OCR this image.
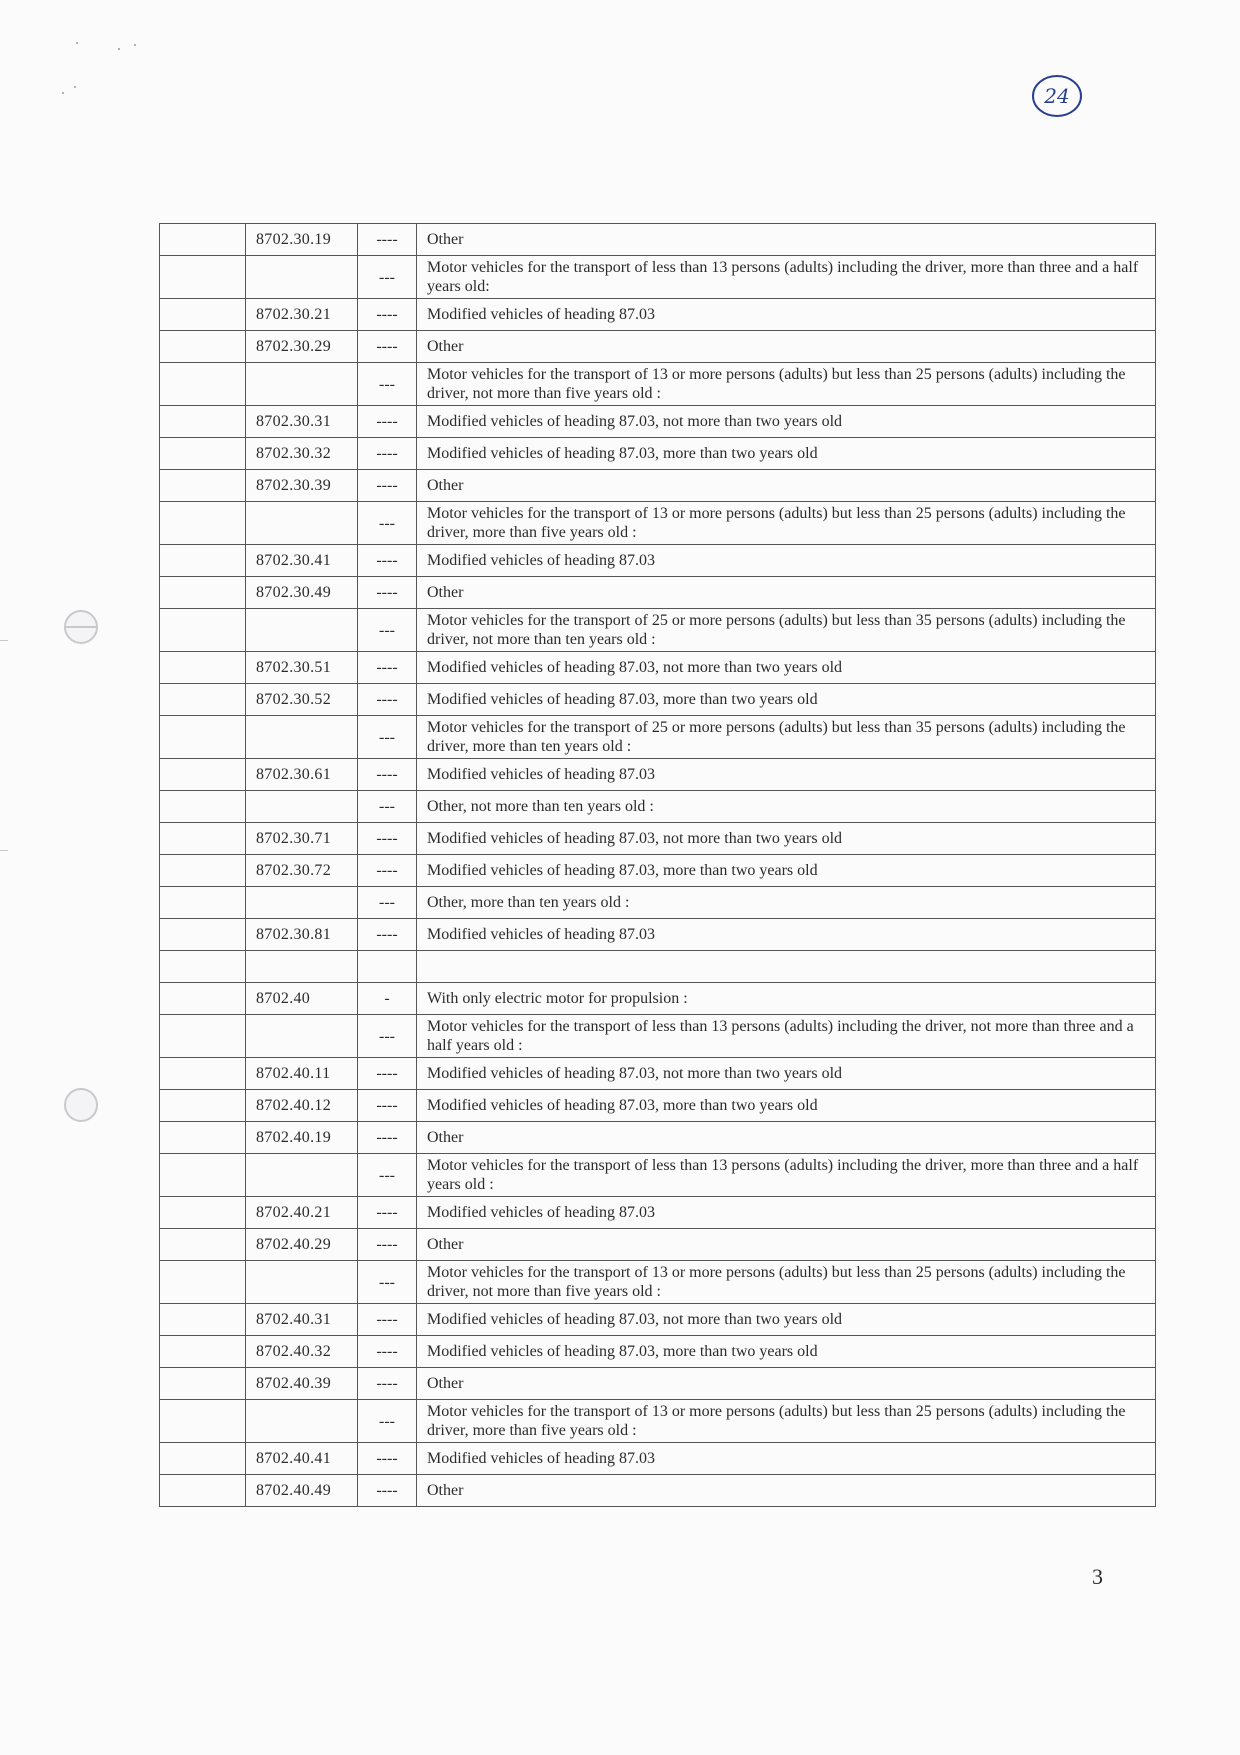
24
	8702.30.19	----	Other
		---	Motor vehicles for the transport of less than 13 persons (adults) including the driver, more than three and a half years old:
	8702.30.21	----	Modified vehicles of heading 87.03
	8702.30.29	----	Other
		---	Motor vehicles for the transport of 13 or more persons (adults) but less than 25 persons (adults) including the driver, not more than five years old :
	8702.30.31	----	Modified vehicles of heading 87.03, not more than two years old
	8702.30.32	----	Modified vehicles of heading 87.03, more than two years old
	8702.30.39	----	Other
		---	Motor vehicles for the transport of 13 or more persons (adults) but less than 25 persons (adults) including the driver, more than five years old :
	8702.30.41	----	Modified vehicles of heading 87.03
	8702.30.49	----	Other
		---	Motor vehicles for the transport of 25 or more persons (adults) but less than 35 persons (adults) including the driver, not more than ten years old :
	8702.30.51	----	Modified vehicles of heading 87.03, not more than two years old
	8702.30.52	----	Modified vehicles of heading 87.03, more than two years old
		---	Motor vehicles for the transport of 25 or more persons (adults) but less than 35 persons (adults) including the driver, more than ten years old :
	8702.30.61	----	Modified vehicles of heading 87.03
		---	Other, not more than ten years old :
	8702.30.71	----	Modified vehicles of heading 87.03, not more than two years old
	8702.30.72	----	Modified vehicles of heading 87.03, more than two years old
		---	Other, more than ten years old :
	8702.30.81	----	Modified vehicles of heading 87.03

	8702.40	-	With only electric motor for propulsion :
		---	Motor vehicles for the transport of less than 13 persons (adults) including the driver, not more than three and a half years old :
	8702.40.11	----	Modified vehicles of heading 87.03, not more than two years old
	8702.40.12	----	Modified vehicles of heading 87.03, more than two years old
	8702.40.19	----	Other
		---	Motor vehicles for the transport of less than 13 persons (adults) including the driver, more than three and a half years old :
	8702.40.21	----	Modified vehicles of heading 87.03
	8702.40.29	----	Other
		---	Motor vehicles for the transport of 13 or more persons (adults) but less than 25 persons (adults) including the driver, not more than five years old :
	8702.40.31	----	Modified vehicles of heading 87.03, not more than two years old
	8702.40.32	----	Modified vehicles of heading 87.03, more than two years old
	8702.40.39	----	Other
		---	Motor vehicles for the transport of 13 or more persons (adults) but less than 25 persons (adults) including the driver, more than five years old :
	8702.40.41	----	Modified vehicles of heading 87.03
	8702.40.49	----	Other
3
